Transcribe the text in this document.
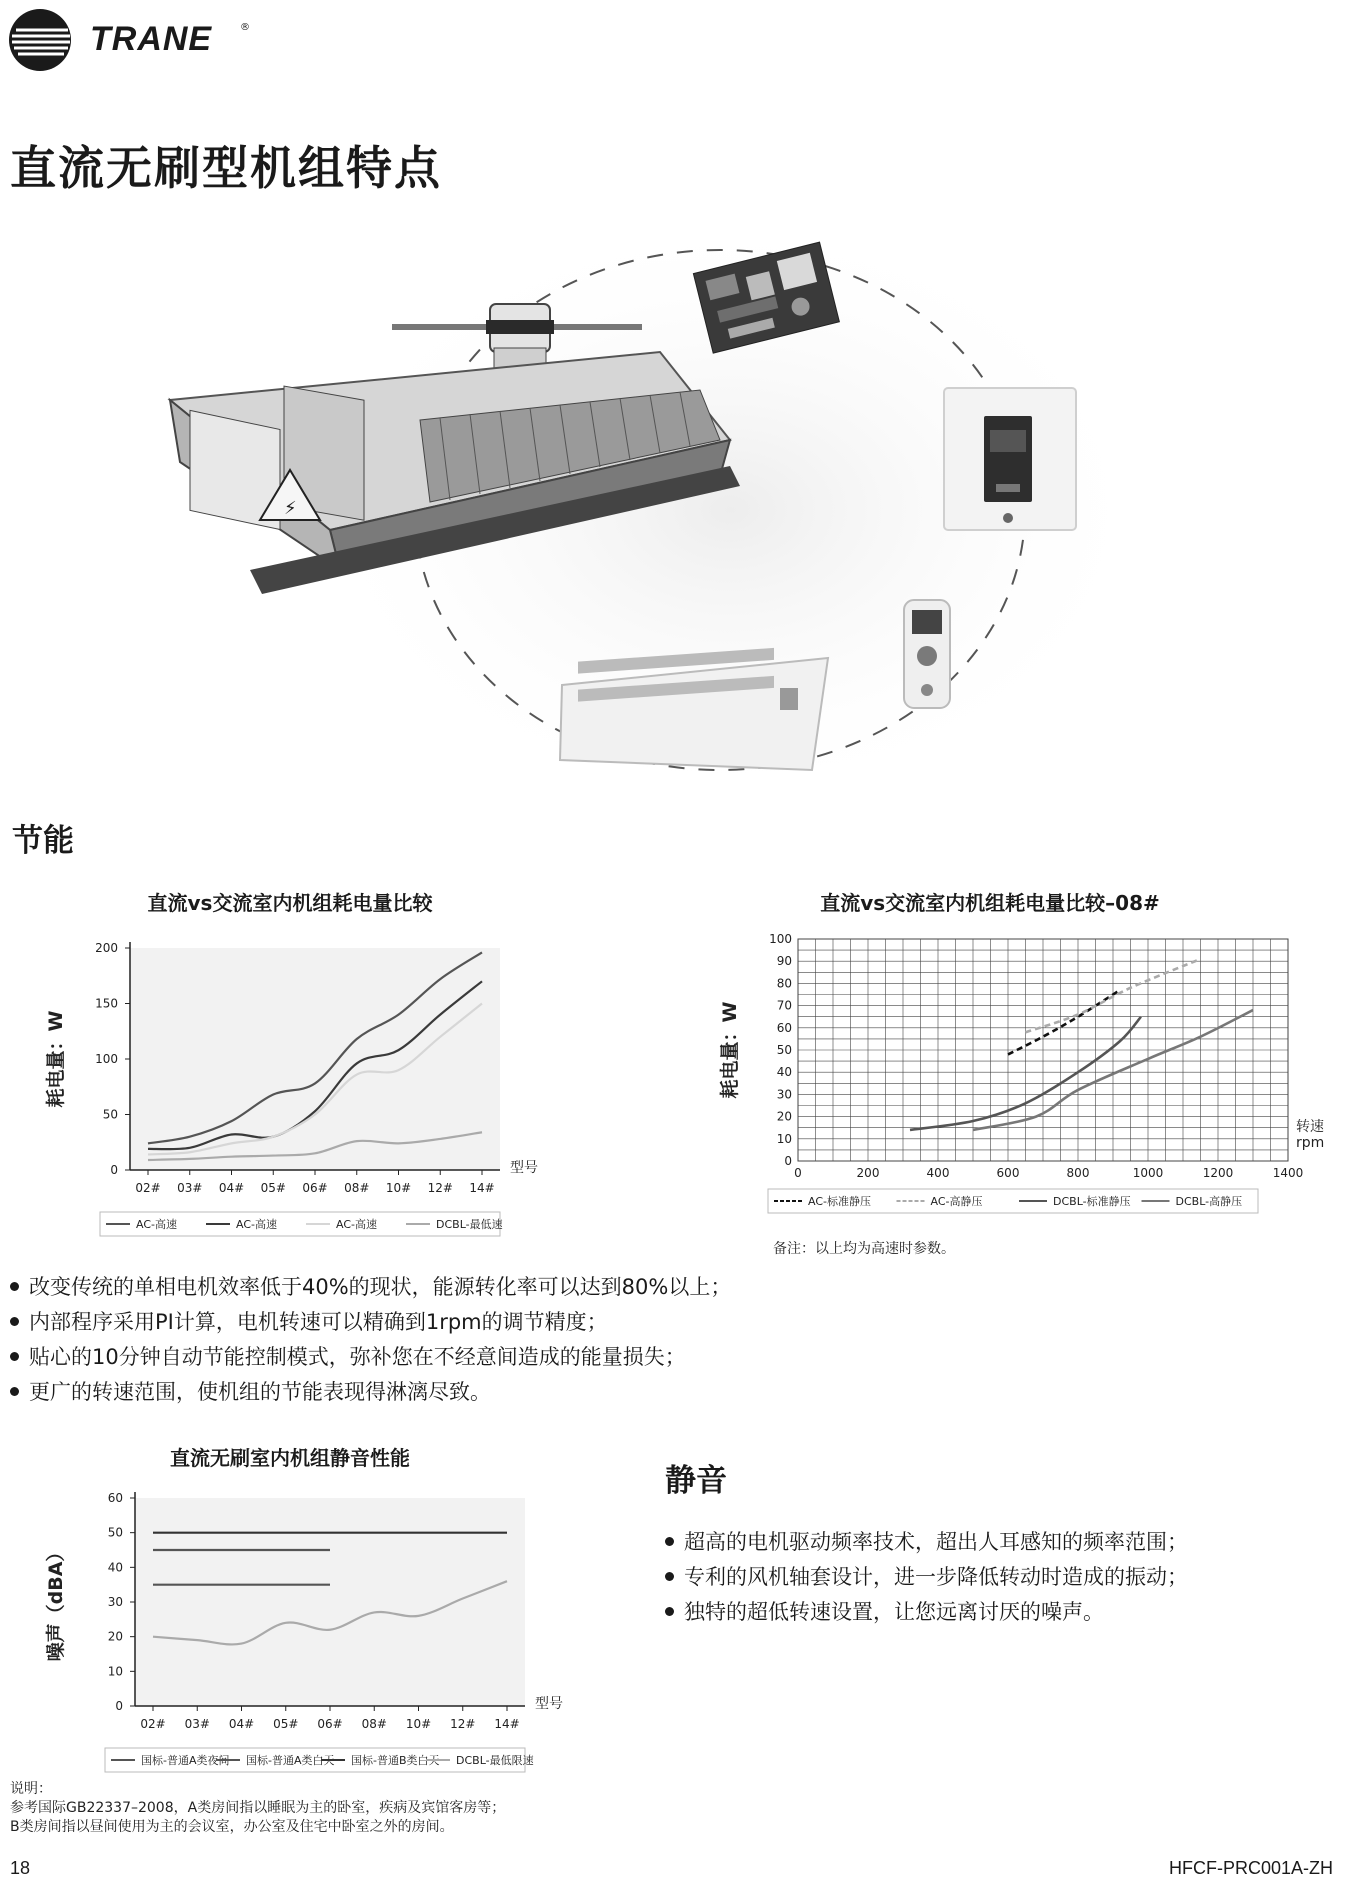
TRANE	®
直流无刷型机组特点
⚡
节能
直流vs交流室内机组耗电量比较
0
50
100
150
200
02# 03# 04# 05# 06# 08# 10# 12# 14#
型号
耗电量：W
AC-高速	AC-高速	AC-高速	DCBL-最低速
直流vs交流室内机组耗电量比较–08#
0
10
20
30
40
50
60
70
80
90
100
0	200	400	600	800	1000	1200	1400
转速
rpm
耗电量：W
AC-标准静压	AC-高静压	DCBL-标准静压	DCBL-高静压
备注：以上均为高速时参数。
改变传统的单相电机效率低于40%的现状，能源转化率可以达到80%以上；
内部程序采用PI计算，电机转速可以精确到1rpm的调节精度；
贴心的10分钟自动节能控制模式，弥补您在不经意间造成的能量损失；
更广的转速范围，使机组的节能表现得淋漓尽致。
直流无刷室内机组静音性能
0
10
20
30
40
50
60
02# 03# 04# 05# 06# 08# 10# 12# 14#
型号
噪声（dBA）
国标-普通A类夜间 国标-普通A类白天 国标-普通B类白天 DCBL-最低限速
静音
超高的电机驱动频率技术，超出人耳感知的频率范围；
专利的风机轴套设计，进一步降低转动时造成的振动；
独特的超低转速设置，让您远离讨厌的噪声。
说明：
参考国际GB22337–2008，A类房间指以睡眠为主的卧室，疾病及宾馆客房等；
B类房间指以昼间使用为主的会议室，办公室及住宅中卧室之外的房间。
18	HFCF-PRC001A-ZH
